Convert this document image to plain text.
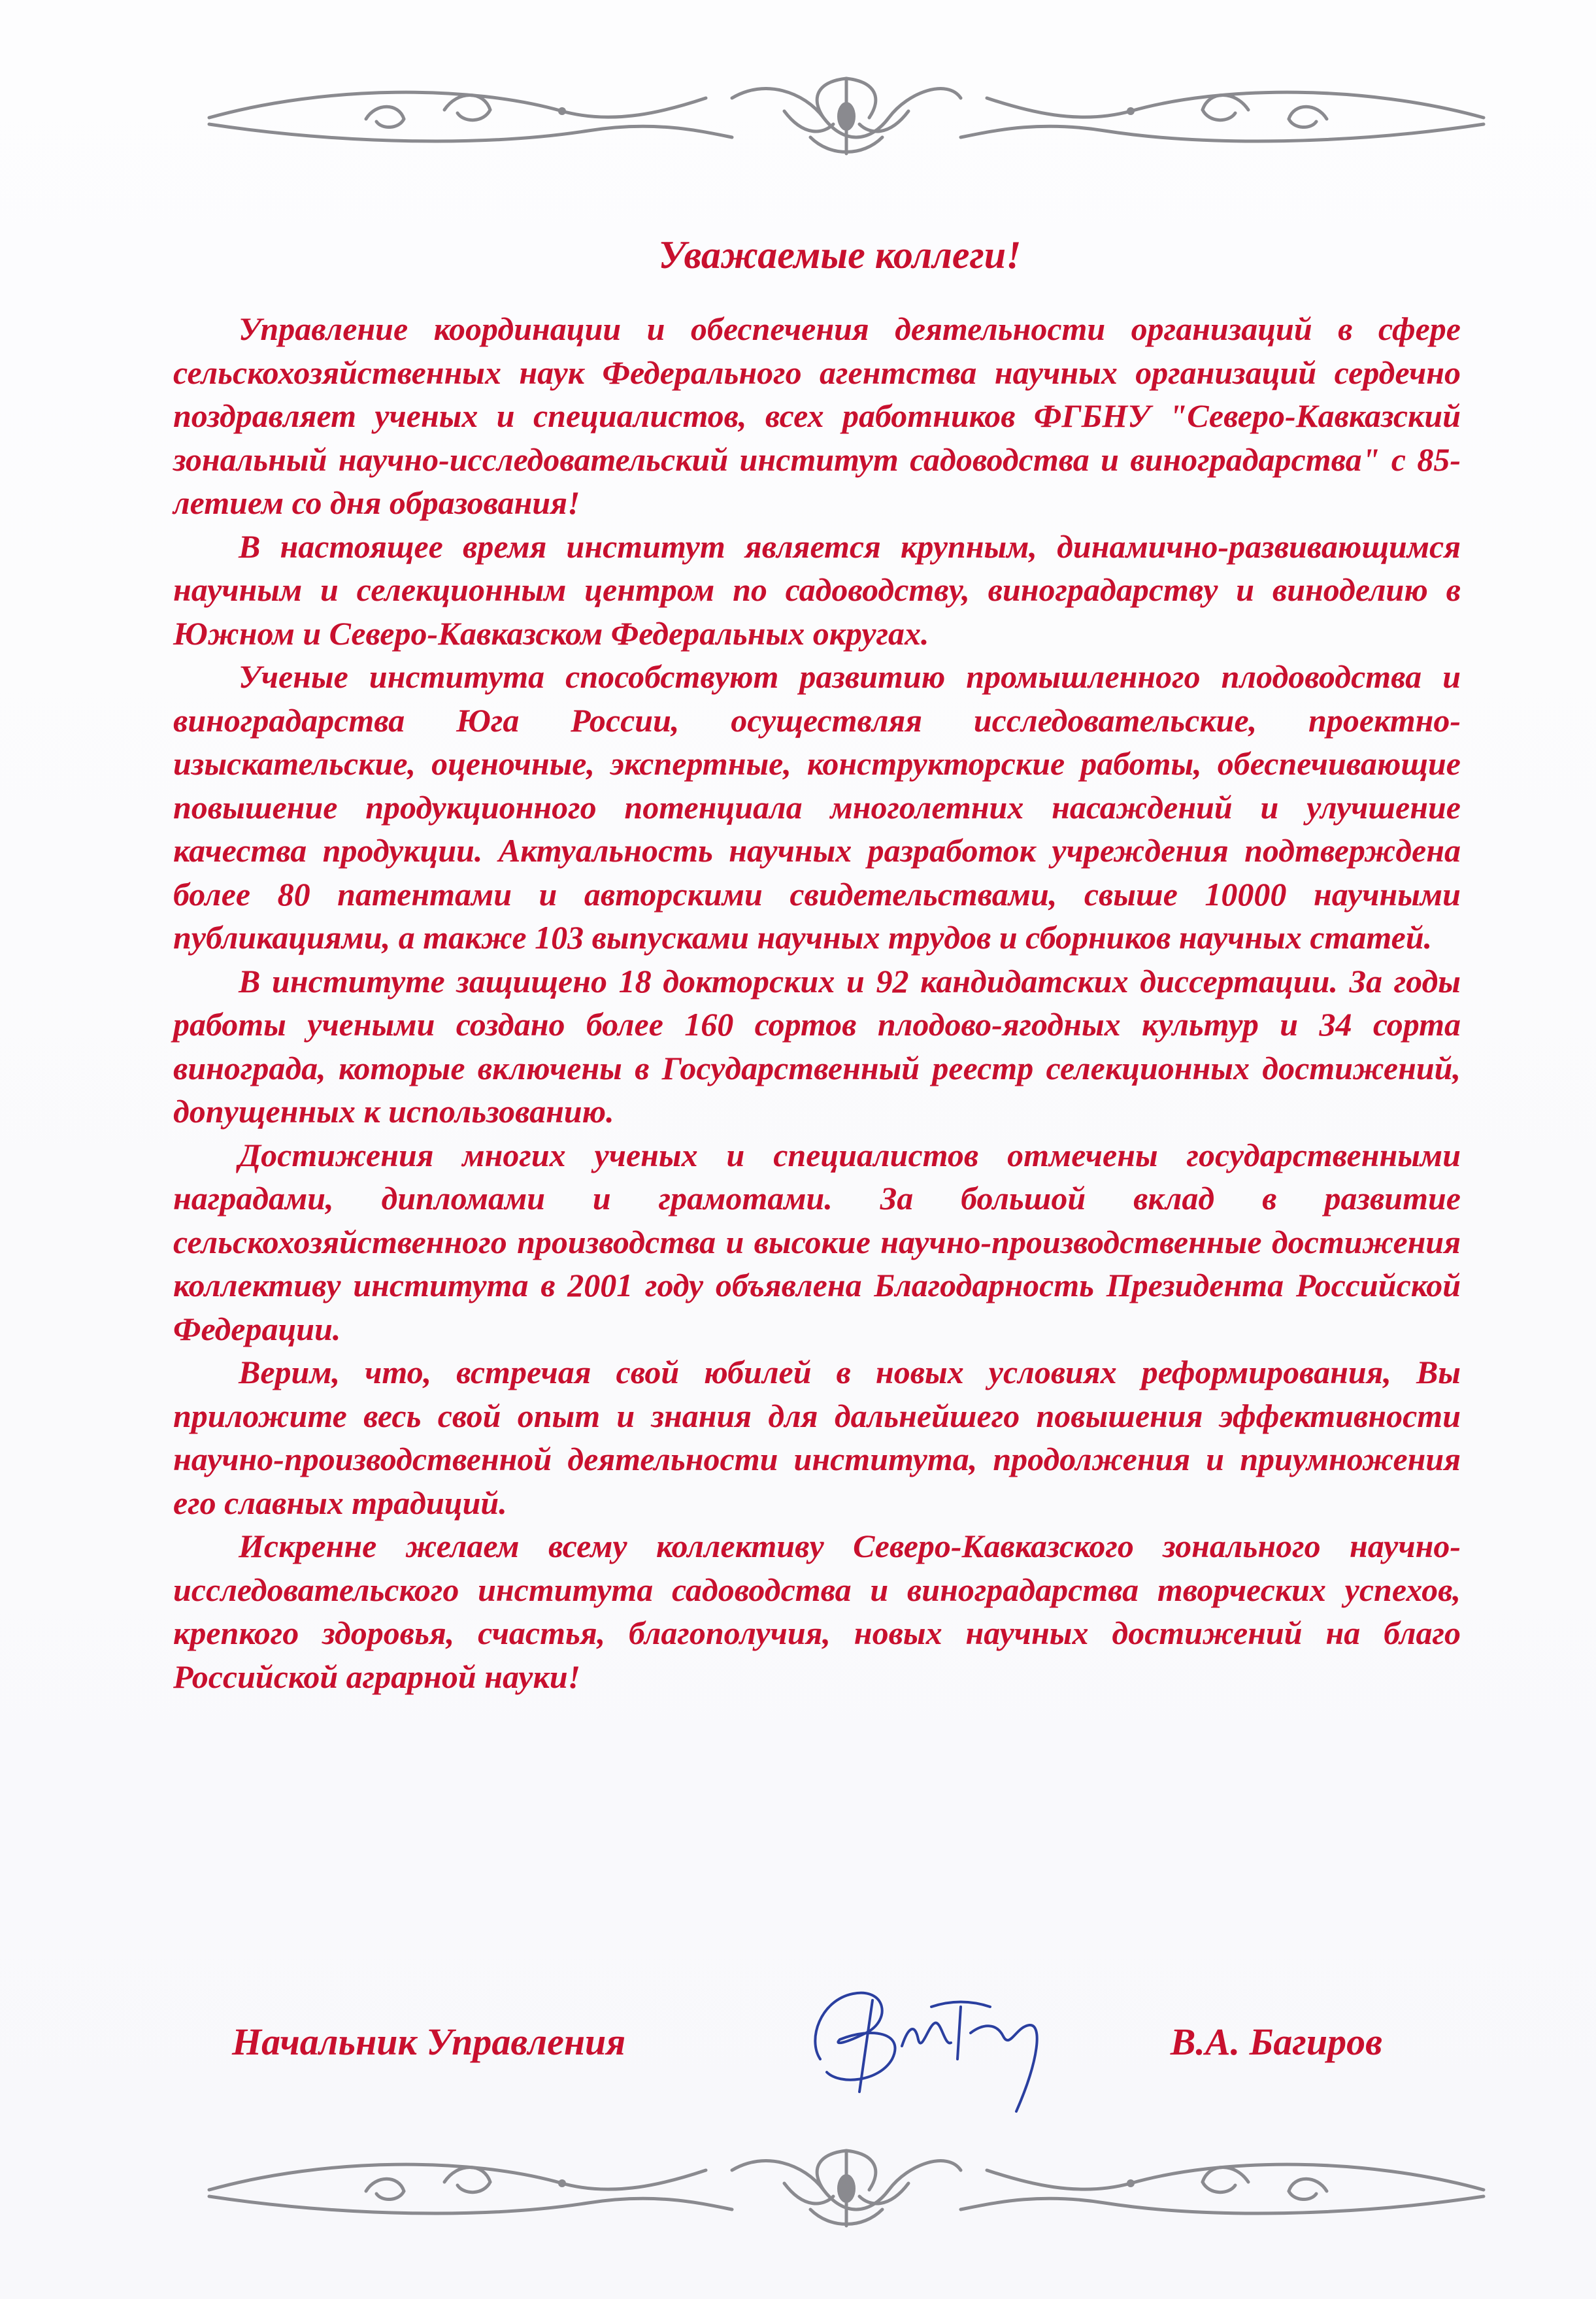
Уважаемые коллеги!

Управление координации и обеспечения деятельности организаций в сфере сельскохозяйственных наук Федерального агентства научных организаций сердечно поздравляет ученых и специалистов, всех работников ФГБНУ "Северо-Кавказский зональный научно-исследовательский институт садоводства и виноградарства" с 85-летием со дня образования!

В настоящее время институт является крупным, динамично-развивающимся научным и селекционным центром по садоводству, виноградарству и виноделию в Южном и Северо-Кавказском Федеральных округах.

Ученые института способствуют развитию промышленного плодоводства и виноградарства Юга России, осуществляя исследовательские, проектно-изыскательские, оценочные, экспертные, конструкторские работы, обеспечивающие повышение продукционного потенциала многолетних насаждений и улучшение качества продукции. Актуальность научных разработок учреждения подтверждена более 80 патентами и авторскими свидетельствами, свыше 10000 научными публикациями, а также 103 выпусками научных трудов и сборников научных статей.

В институте защищено 18 докторских и 92 кандидатских диссертации. За годы работы учеными создано более 160 сортов плодово-ягодных культур и 34 сорта винограда, которые включены в Государственный реестр селекционных достижений, допущенных к использованию.

Достижения многих ученых и специалистов отмечены государственными наградами, дипломами и грамотами. За большой вклад в развитие сельскохозяйственного производства и высокие научно-производственные достижения коллективу института в 2001 году объявлена Благодарность Президента Российской Федерации.

Верим, что, встречая свой юбилей в новых условиях реформирования, Вы приложите весь свой опыт и знания для дальнейшего повышения эффективности научно-производственной деятельности института, продолжения и приумножения его славных традиций.

Искренне желаем всему коллективу Северо-Кавказского зонального научно-исследовательского института садоводства и виноградарства творческих успехов, крепкого здоровья, счастья, благополучия, новых научных достижений на благо Российской аграрной науки!

Начальник Управления	В.А. Багиров
